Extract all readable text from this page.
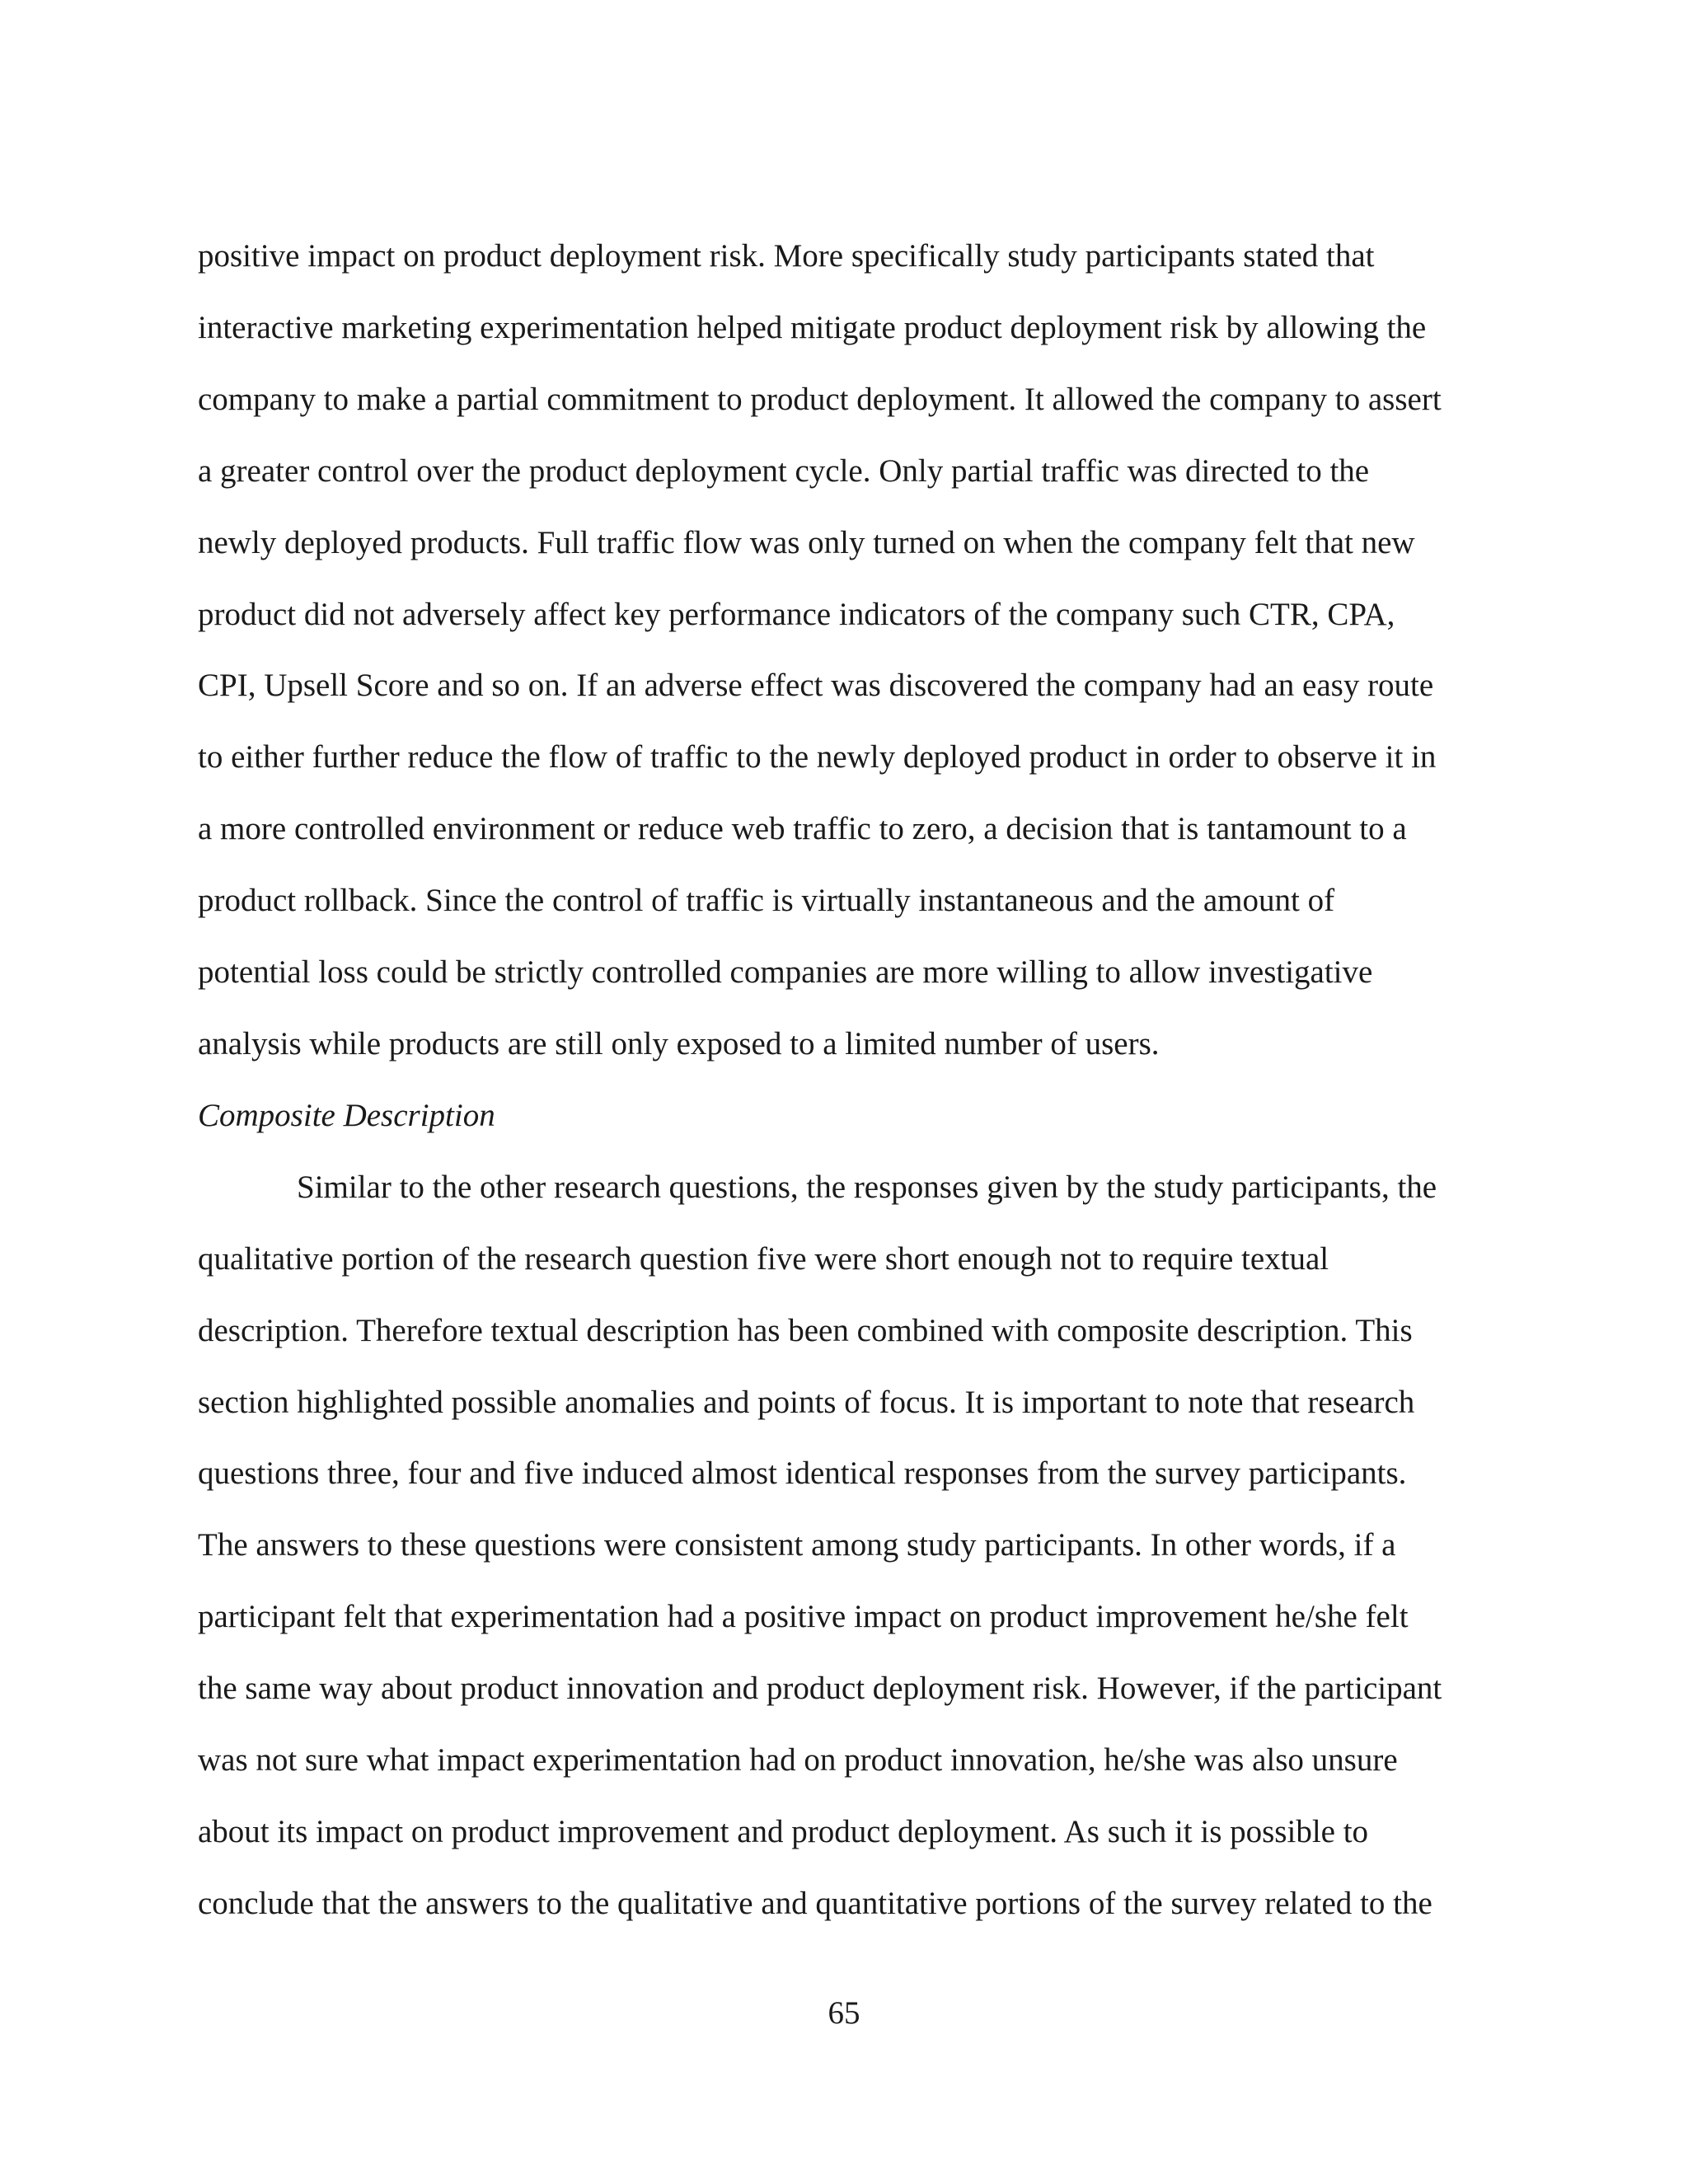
positive impact on product deployment risk. More specifically study participants stated that
interactive marketing experimentation helped mitigate product deployment risk by allowing the
company to make a partial commitment to product deployment. It allowed the company to assert
a greater control over the product deployment cycle. Only partial traffic was directed to the
newly deployed products. Full traffic flow was only turned on when the company felt that new
product did not adversely affect key performance indicators of the company such CTR, CPA,
CPI, Upsell Score and so on. If an adverse effect was discovered the company had an easy route
to either further reduce the flow of traffic to the newly deployed product in order to observe it in
a more controlled environment or reduce web traffic to zero, a decision that is tantamount to a
product rollback. Since the control of traffic is virtually instantaneous and the amount of
potential loss could be strictly controlled companies are more willing to allow investigative
analysis while products are still only exposed to a limited number of users.
Composite Description
Similar to the other research questions, the responses given by the study participants, the
qualitative portion of the research question five were short enough not to require textual
description. Therefore textual description has been combined with composite description. This
section highlighted possible anomalies and points of focus. It is important to note that research
questions three, four and five induced almost identical responses from the survey participants.
The answers to these questions were consistent among study participants. In other words, if a
participant felt that experimentation had a positive impact on product improvement he/she felt
the same way about product innovation and product deployment risk. However, if the participant
was not sure what impact experimentation had on product innovation, he/she was also unsure
about its impact on product improvement and product deployment. As such it is possible to
conclude that the answers to the qualitative and quantitative portions of the survey related to the
65
